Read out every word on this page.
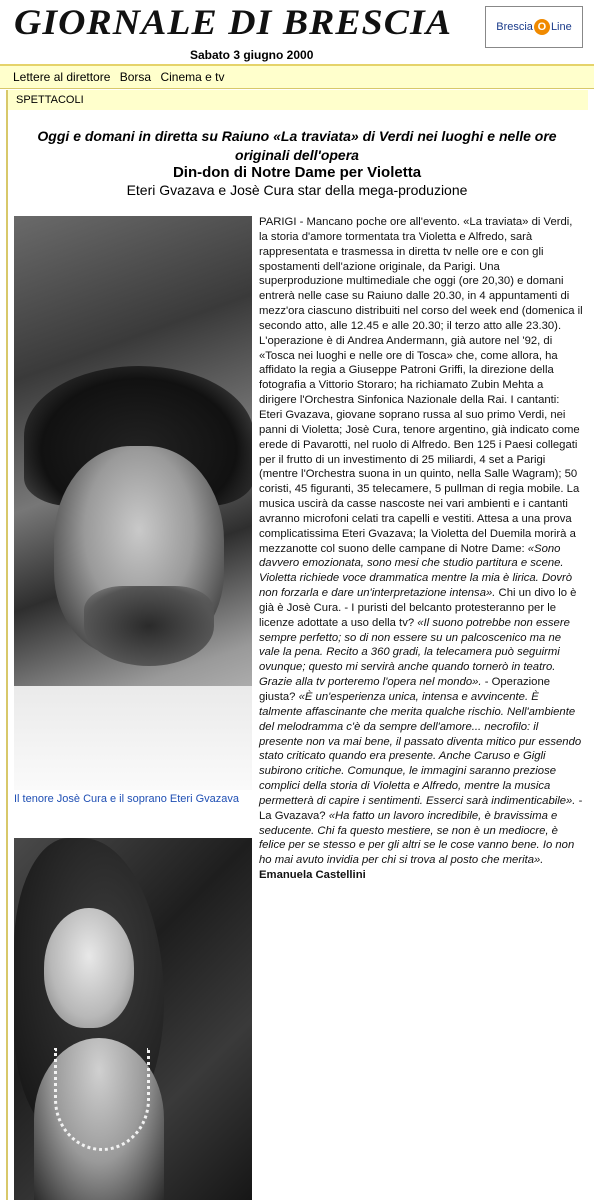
GIORNALE DI BRESCIA
Sabato 3 giugno 2000
Brescia O Line
Lettere al direttore Borsa Cinema e tv
SPETTACOLI
Oggi e domani in diretta su Raiuno «La traviata» di Verdi nei luoghi e nelle ore originali dell'opera
Din-don di Notre Dame per Violetta
Eteri Gvazava e Josè Cura star della mega-produzione
Il tenore Josè Cura e il soprano Eteri Gvazava
PARIGI - Mancano poche ore all'evento. «La traviata» di Verdi, la storia d'amore tormentata tra Violetta e Alfredo, sarà rappresentata e trasmessa in diretta tv nelle ore e con gli spostamenti dell'azione originale, da Parigi. Una superproduzione multimediale che oggi (ore 20,30) e domani entrerà nelle case su Raiuno dalle 20.30, in 4 appuntamenti di mezz'ora ciascuno distribuiti nel corso del week end (domenica il secondo atto, alle 12.45 e alle 20.30; il terzo atto alle 23.30). L'operazione è di Andrea Andermann, già autore nel '92, di «Tosca nei luoghi e nelle ore di Tosca» che, come allora, ha affidato la regia a Giuseppe Patroni Griffi, la direzione della fotografia a Vittorio Storaro; ha richiamato Zubin Mehta a dirigere l'Orchestra Sinfonica Nazionale della Rai. I cantanti: Eteri Gvazava, giovane soprano russa al suo primo Verdi, nei panni di Violetta; Josè Cura, tenore argentino, già indicato come erede di Pavarotti, nel ruolo di Alfredo. Ben 125 i Paesi collegati per il frutto di un investimento di 25 miliardi, 4 set a Parigi (mentre l'Orchestra suona in un quinto, nella Salle Wagram); 50 coristi, 45 figuranti, 35 telecamere, 5 pullman di regia mobile. La musica uscirà da casse nascoste nei vari ambienti e i cantanti avranno microfoni celati tra capelli e vestiti. Attesa a una prova complicatissima Eteri Gvazava; la Violetta del Duemila morirà a mezzanotte col suono delle campane di Notre Dame: «Sono davvero emozionata, sono mesi che studio partitura e scene. Violetta richiede voce drammatica mentre la mia è lirica. Dovrò non forzarla e dare un'interpretazione intensa». Chi un divo lo è già è Josè Cura. - I puristi del belcanto protesteranno per le licenze adottate a uso della tv? «Il suono potrebbe non essere sempre perfetto; so di non essere su un palcoscenico ma ne vale la pena. Recito a 360 gradi, la telecamera può seguirmi ovunque; questo mi servirà anche quando tornerò in teatro. Grazie alla tv porteremo l'opera nel mondo». - Operazione giusta? «È un'esperienza unica, intensa e avvincente. È talmente affascinante che merita qualche rischio. Nell'ambiente del melodramma c'è da sempre dell'amore... necrofilo: il presente non va mai bene, il passato diventa mitico pur essendo stato criticato quando era presente. Anche Caruso e Gigli subirono critiche. Comunque, le immagini saranno preziose complici della storia di Violetta e Alfredo, mentre la musica permetterà di capire i sentimenti. Esserci sarà indimenticabile». - La Gvazava? «Ha fatto un lavoro incredibile, è bravissima e seducente. Chi fa questo mestiere, se non è un mediocre, è felice per se stesso e per gli altri se le cose vanno bene. Io non ho mai avuto invidia per chi si trova al posto che merita». Emanuela Castellini
